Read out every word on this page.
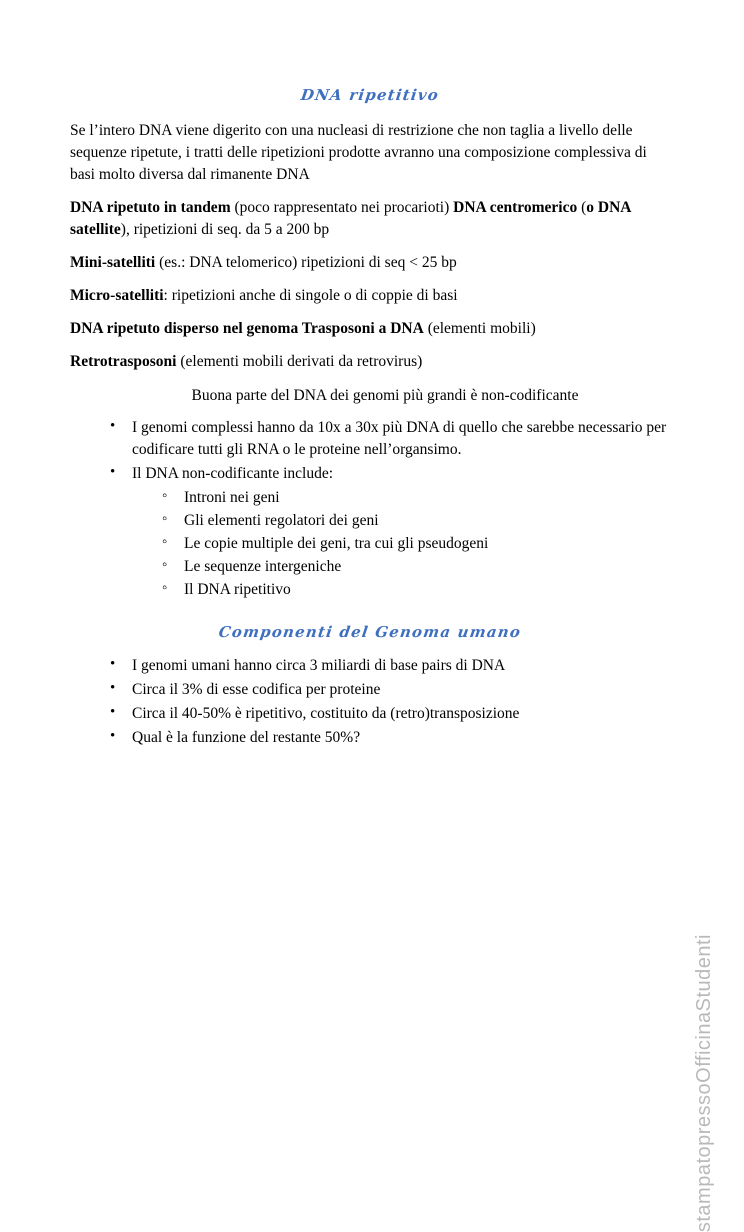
DNA ripetitivo

Se l’intero DNA viene digerito con una nucleasi di restrizione che non taglia a livello delle sequenze ripetute, i tratti delle ripetizioni prodotte avranno una composizione complessiva di basi molto diversa dal rimanente DNA

DNA ripetuto in tandem (poco rappresentato nei procarioti) DNA centromerico (o DNA satellite), ripetizioni di seq. da 5 a 200 bp

Mini-satelliti (es.: DNA telomerico) ripetizioni di seq < 25 bp

Micro-satelliti: ripetizioni anche di singole o di coppie di basi

DNA ripetuto disperso nel genoma Trasposoni a DNA (elementi mobili)

Retrotrasposoni (elementi mobili derivati da retrovirus)

Buona parte del DNA dei genomi più grandi è non-codificante
• I genomi complessi hanno da 10x a 30x più DNA di quello che sarebbe necessario per codificare tutti gli RNA o le proteine nell’organsimo.
• Il DNA non-codificante include:
◦ Introni nei geni
◦ Gli elementi regolatori dei geni
◦ Le copie multiple dei geni, tra cui gli pseudogeni
◦ Le sequenze intergeniche
◦ Il DNA ripetitivo
Componenti del Genoma umano
• I genomi umani hanno circa 3 miliardi di base pairs di DNA
• Circa il 3% di esse codifica per proteine
• Circa il 40-50% è ripetitivo, costituito da (retro)transposizione
• Qual è la funzione del restante 50%?
stampatopressoOfficinaStudenti
